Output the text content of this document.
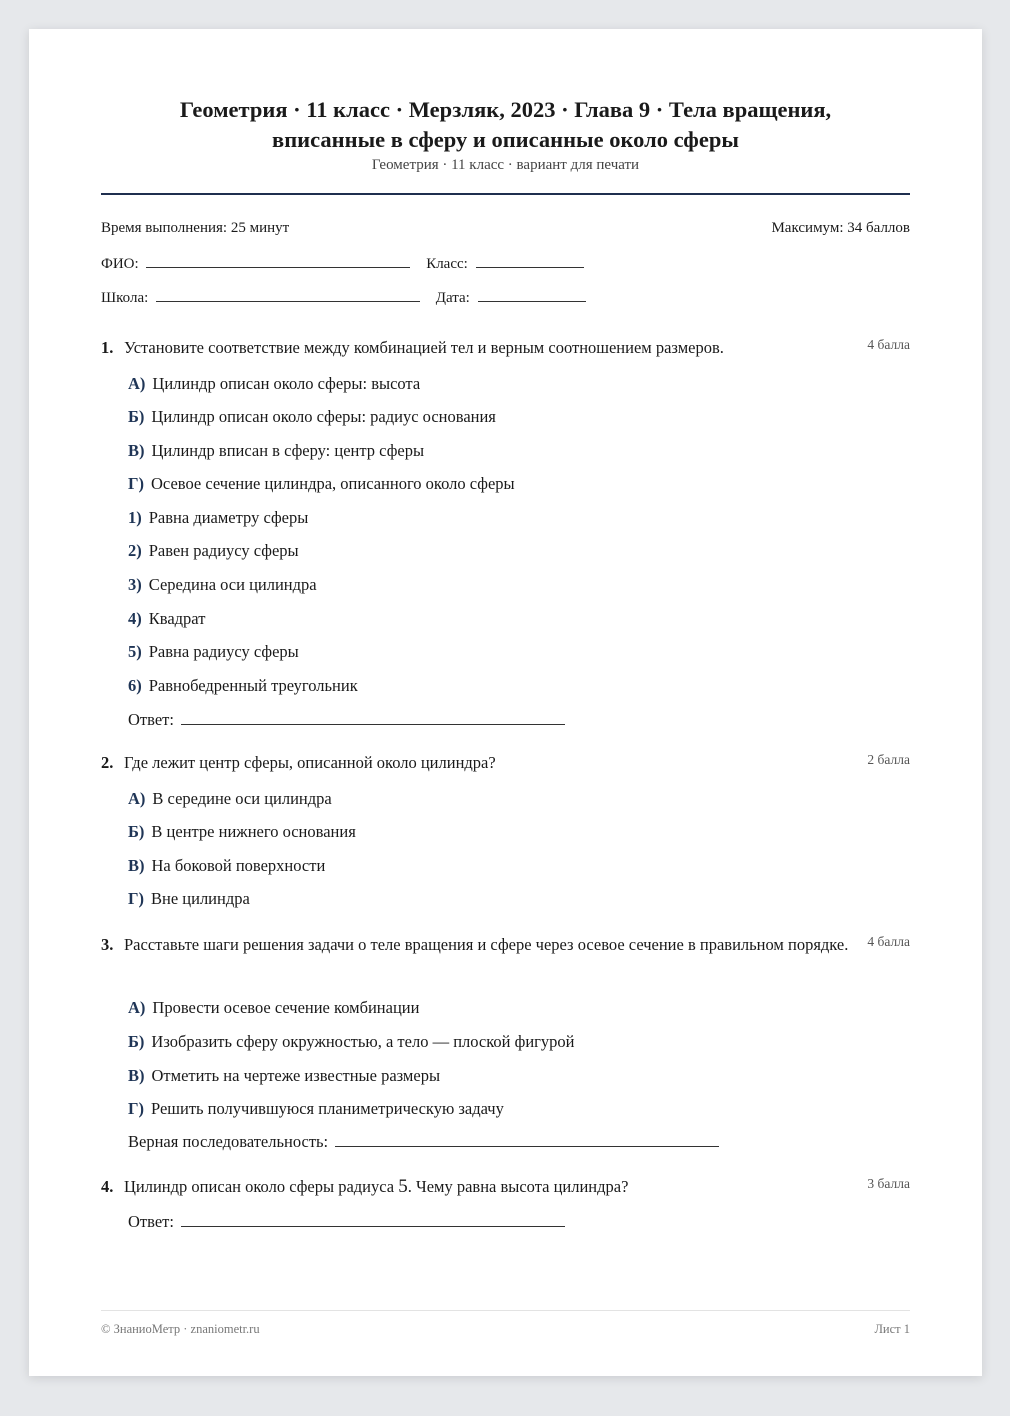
Геометрия · 11 класс · Мерзляк, 2023 · Глава 9 · Тела вращения,
вписанные в сферу и описанные около сферы
Геометрия · 11 класс · вариант для печати
Время выполнения: 25 минут	Максимум: 34 баллов
ФИО:	Класс:
Школа:	Дата:
1. Установите соответствие между комбинацией тел и верным соотношением размеров.	4 балла
А) Цилиндр описан около сферы: высота
Б) Цилиндр описан около сферы: радиус основания
В) Цилиндр вписан в сферу: центр сферы
Г) Осевое сечение цилиндра, описанного около сферы
1) Равна диаметру сферы
2) Равен радиусу сферы
3) Середина оси цилиндра
4) Квадрат
5) Равна радиусу сферы
6) Равнобедренный треугольник
Ответ:
2. Где лежит центр сферы, описанной около цилиндра?	2 балла
А) В середине оси цилиндра
Б) В центре нижнего основания
В) На боковой поверхности
Г) Вне цилиндра
3. Расставьте шаги решения задачи о теле вращения и сфере через осевое сечение в правильном порядке. 4 балла
А) Провести осевое сечение комбинации
Б) Изобразить сферу окружностью, а тело — плоской фигурой
В) Отметить на чертеже известные размеры
Г) Решить получившуюся планиметрическую задачу
Верная последовательность:
4. Цилиндр описан около сферы радиуса 5. Чему равна высота цилиндра?	3 балла
Ответ:
© ЗнаниоМетр · znaniometr.ru	Лист 1
